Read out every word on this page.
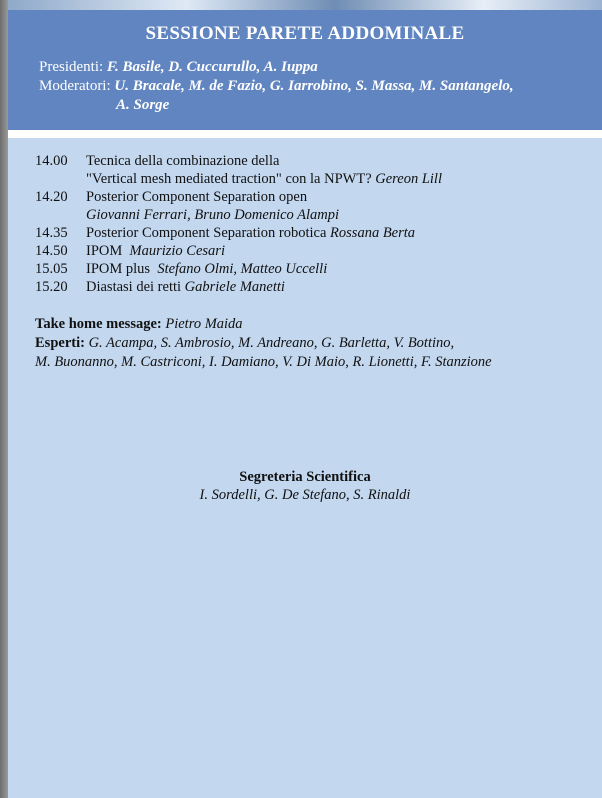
SESSIONE PARETE ADDOMINALE
Presidenti: F. Basile, D. Cuccurullo, A. Iuppa
Moderatori: U. Bracale, M. de Fazio, G. Iarrobino, S. Massa, M. Santangelo,
A. Sorge
14.00	Tecnica della combinazione della
"Vertical mesh mediated traction" con la NPWT? Gereon Lill
14.20	Posterior Component Separation open
Giovanni Ferrari, Bruno Domenico Alampi
14.35	Posterior Component Separation robotica Rossana Berta
14.50	IPOM Maurizio Cesari
15.05	IPOM plus Stefano Olmi, Matteo Uccelli
15.20	Diastasi dei retti Gabriele Manetti
Take home message: Pietro Maida
Esperti: G. Acampa, S. Ambrosio, M. Andreano, G. Barletta, V. Bottino,
M. Buonanno, M. Castriconi, I. Damiano, V. Di Maio, R. Lionetti, F. Stanzione
Segreteria Scientifica
I. Sordelli, G. De Stefano, S. Rinaldi
